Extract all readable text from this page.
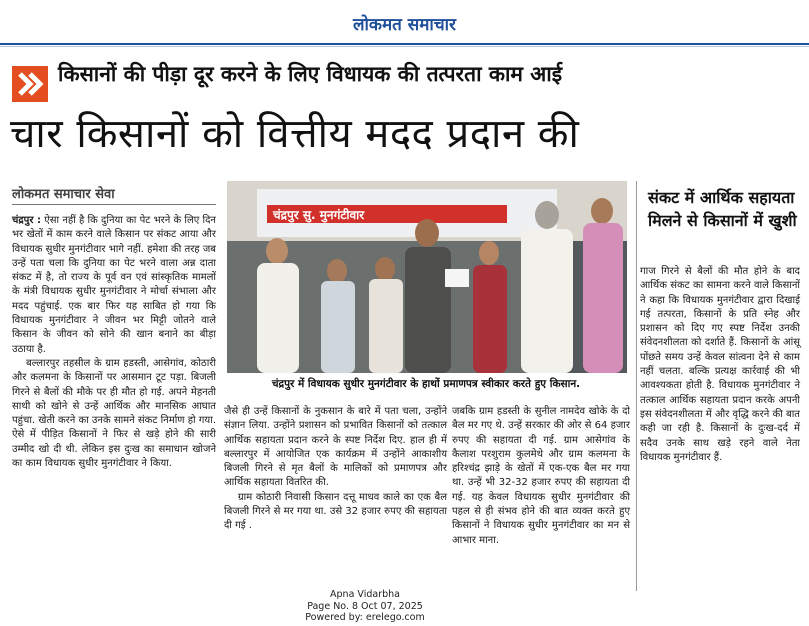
लोकमत समाचार
किसानों की पीड़ा दूर करने के लिए विधायक की तत्परता काम आई
चार किसानों को वित्तीय मदद प्रदान की
लोकमत समाचार सेवा

चंद्रपुर : ऐसा नहीं है कि दुनिया का पेट भरने के लिए दिन भर खेतों में काम करने वाले किसान पर संकट आया और विधायक सुधीर मुनगंटीवार भागे नहीं. हमेशा की तरह जब उन्हें पता चला कि दुनिया का पेट भरने वाला अन्न दाता संकट में है, तो राज्य के पूर्व वन एवं सांस्कृतिक मामलों के मंत्री विधायक सुधीर मुनगंटीवार ने मोर्चा संभाला और मदद पहुंचाई. एक बार फिर यह साबित हो गया कि विधायक मुनगंटीवार ने जीवन भर मिट्टी जोतने वाले किसान के जीवन को सोने की खान बनाने का बीड़ा उठाया है.

बल्लारपुर तहसील के ग्राम हडस्ती, आसेगांव, कोठारी और कलमना के किसानों पर आसमान टूट पड़ा. बिजली गिरने से बैलों की मौके पर ही मौत हो गई. अपने मेहनती साथी को खोने से उन्हें आर्थिक और मानसिक आघात पहुंचा. खेती करने का उनके सामने संकट निर्माण हो गया. ऐसे में पीड़ित किसानों ने फिर से खड़े होने की सारी उम्मीद खो दी थी. लेकिन इस दुःख का समाधान खोजने का काम विधायक सुधीर मुनगंटीवार ने किया.

चंद्रपुर सु. मुनगंटीवार
चंद्रपुर में विधायक सुधीर मुनगंटीवार के हाथों प्रमाणपत्र स्वीकार करते हुए किसान.

जैसे ही उन्हें किसानों के नुकसान के बारे में पता चला, उन्होंने संज्ञान लिया. उन्होंने प्रशासन को प्रभावित किसानों को तत्काल आर्थिक सहायता प्रदान करने के स्पष्ट निर्देश दिए. हाल ही में बल्लारपुर में आयोजित एक कार्यक्रम में उन्होंने आकाशीय बिजली गिरने से मृत बैलों के मालिकों को प्रमाणपत्र और आर्थिक सहायता वितरित की.

ग्राम कोठारी निवासी किसान दत्तू माधव काले का एक बैल बिजली गिरने से मर गया था. उसे 32 हजार रुपए की सहायता दी गई .

जबकि ग्राम हडस्ती के सुनील नामदेव खोके के दो बैल मर गए थे. उन्हें सरकार की ओर से 64 हजार रुपए की सहायता दी गई. ग्राम आसेगांव के कैलाश परशुराम कुलमेथे और ग्राम कलमना के हरिश्चंद्र झाड़े के खेतों में एक-एक बैल मर गया था. उन्हें भी 32-32 हजार रुपए की सहायता दी गई. यह केवल विधायक सुधीर मुनगंटीवार की पहल से ही संभव होने की बात व्यक्त करते हुए किसानों ने विधायक सुधीर मुनगंटीवार का मन से आभार माना.

संकट में आर्थिक सहायता मिलने से किसानों में खुशी

गाज गिरने से बैलों की मौत होने के बाद आर्थिक संकट का सामना करने वाले किसानों ने कहा कि विधायक मुनगंटीवार द्वारा दिखाई गई तत्परता, किसानों के प्रति स्नेह और प्रशासन को दिए गए स्पष्ट निर्देश उनकी संवेदनशीलता को दर्शाते हैं. किसानों के आंसू पोंछते समय उन्हें केवल सांत्वना देने से काम नहीं चलता. बल्कि प्रत्यक्ष कार्रवाई की भी आवश्यकता होती है. विधायक मुनगंटीवार ने तत्काल आर्थिक सहायता प्रदान करके अपनी इस संवेदनशीलता में और वृद्धि करने की बात कही जा रही है. किसानों के दुःख-दर्द में सदैव उनके साथ खड़े रहने वाले नेता विधायक मुनगंटीवार हैं.

Apna Vidarbha
Page No. 8 Oct 07, 2025
Powered by: erelego.com
